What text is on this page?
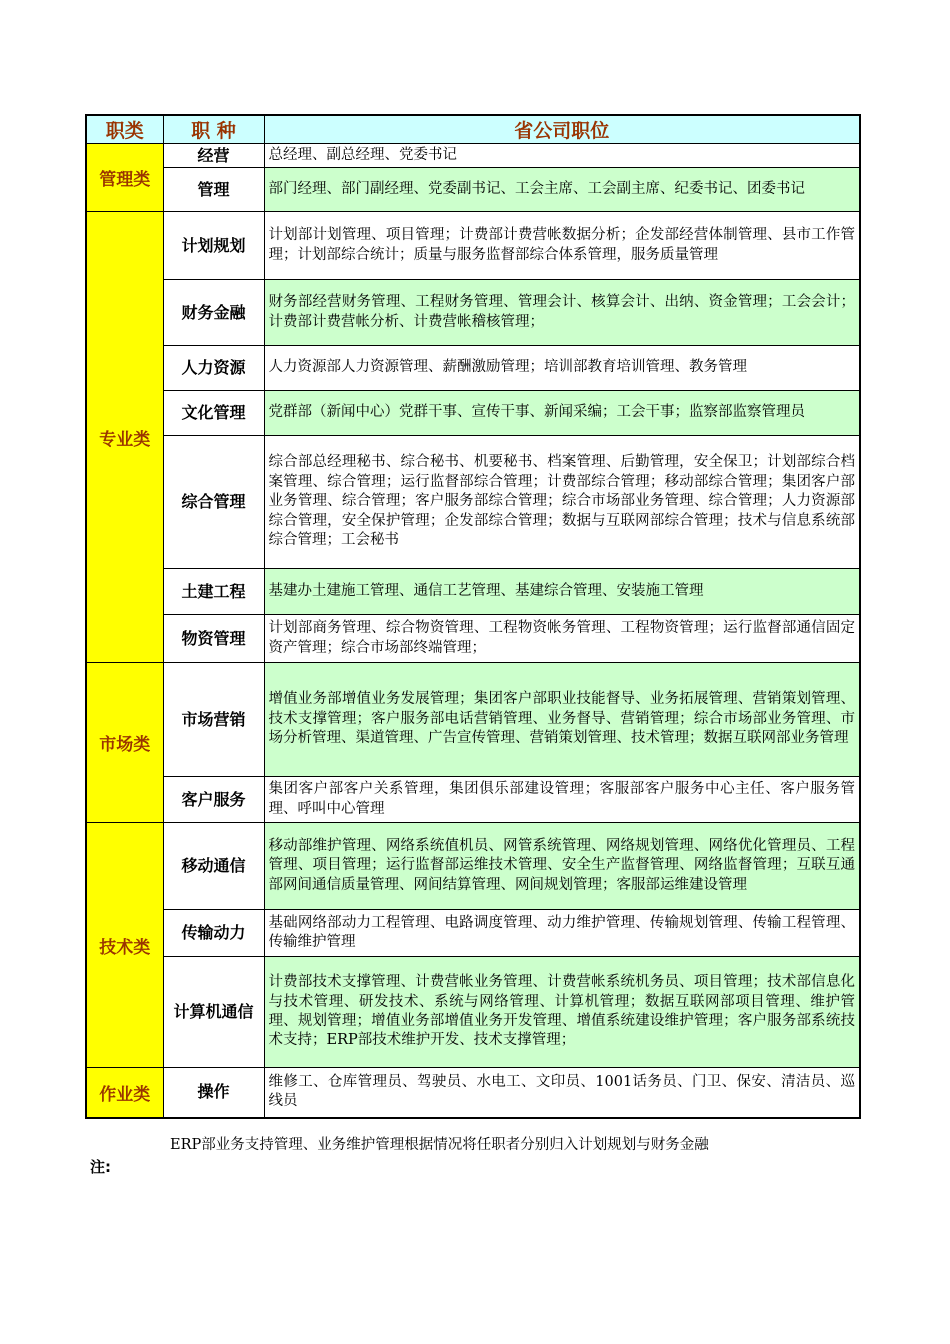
职类	职 种	省公司职位
管理类	经营	总经理、副总经理、党委书记
	管理	部门经理、部门副经理、党委副书记、工会主席、工会副主席、纪委书记、团委书记
专业类	计划规划	计划部计划管理、项目管理；计费部计费营帐数据分析；企发部经营体制管理、县市工作管理；计划部综合统计；质量与服务监督部综合体系管理，服务质量管理
	财务金融	财务部经营财务管理、工程财务管理、管理会计、核算会计、出纳、资金管理；工会会计；计费部计费营帐分析、计费营帐稽核管理；
	人力资源	人力资源部人力资源管理、薪酬激励管理；培训部教育培训管理、教务管理
	文化管理	党群部（新闻中心）党群干事、宣传干事、新闻采编；工会干事；监察部监察管理员
	综合管理	综合部总经理秘书、综合秘书、机要秘书、档案管理、后勤管理，安全保卫；计划部综合档案管理、综合管理；运行监督部综合管理；计费部综合管理；移动部综合管理；集团客户部业务管理、综合管理；客户服务部综合管理；综合市场部业务管理、综合管理；人力资源部综合管理，安全保护管理；企发部综合管理；数据与互联网部综合管理；技术与信息系统部综合管理；工会秘书
	土建工程	基建办土建施工管理、通信工艺管理、基建综合管理、安装施工管理
	物资管理	计划部商务管理、综合物资管理、工程物资帐务管理、工程物资管理；运行监督部通信固定资产管理；综合市场部终端管理；
市场类	市场营销	增值业务部增值业务发展管理；集团客户部职业技能督导、业务拓展管理、营销策划管理、技术支撑管理；客户服务部电话营销管理、业务督导、营销管理；综合市场部业务管理、市场分析管理、渠道管理、广告宣传管理、营销策划管理、技术管理；数据互联网部业务管理
	客户服务	集团客户部客户关系管理，集团俱乐部建设管理；客服部客户服务中心主任、客户服务管理、呼叫中心管理
技术类	移动通信	移动部维护管理、网络系统值机员、网管系统管理、网络规划管理、网络优化管理员、工程管理、项目管理；运行监督部运维技术管理、安全生产监督管理、网络监督管理；互联互通部网间通信质量管理、网间结算管理、网间规划管理；客服部运维建设管理
	传输动力	基础网络部动力工程管理、电路调度管理、动力维护管理、传输规划管理、传输工程管理、传输维护管理
	计算机通信	计费部技术支撑管理、计费营帐业务管理、计费营帐系统机务员、项目管理；技术部信息化与技术管理、研发技术、系统与网络管理、计算机管理；数据互联网部项目管理、维护管理、规划管理；增值业务部增值业务开发管理、增值系统建设维护管理；客户服务部系统技术支持；ERP部技术维护开发、技术支撑管理；
作业类	操作	维修工、仓库管理员、驾驶员、水电工、文印员、1001话务员、门卫、保安、清洁员、巡线员
注:
ERP部业务支持管理、业务维护管理根据情况将任职者分别归入计划规划与财务金融
